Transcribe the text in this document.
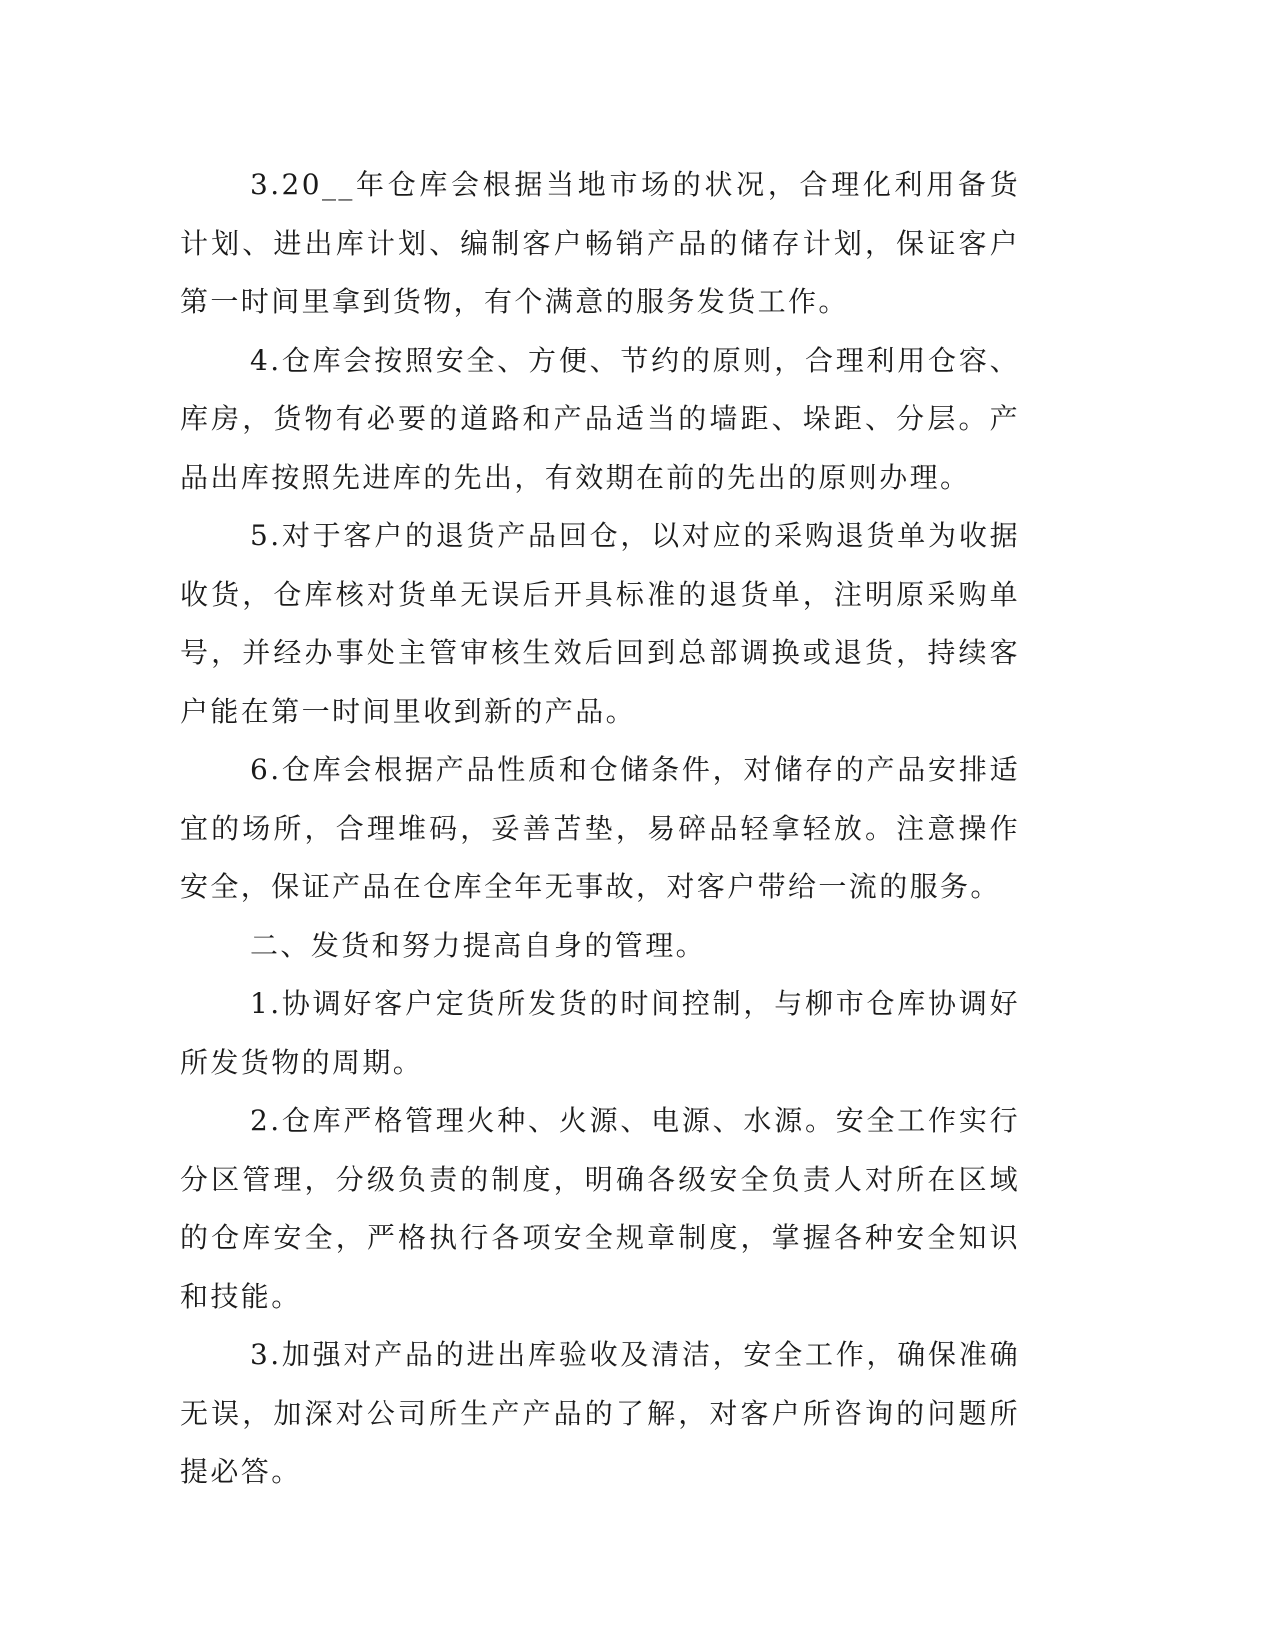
3.20__年仓库会根据当地市场的状况，合理化利用备货计划、进出库计划、编制客户畅销产品的储存计划，保证客户第一时间里拿到货物，有个满意的服务发货工作。

4.仓库会按照安全、方便、节约的原则，合理利用仓容、库房，货物有必要的道路和产品适当的墙距、垛距、分层。产品出库按照先进库的先出，有效期在前的先出的原则办理。

5.对于客户的退货产品回仓，以对应的采购退货单为收据收货，仓库核对货单无误后开具标准的退货单，注明原采购单号，并经办事处主管审核生效后回到总部调换或退货，持续客户能在第一时间里收到新的产品。

6.仓库会根据产品性质和仓储条件，对储存的产品安排适宜的场所，合理堆码，妥善苫垫，易碎品轻拿轻放。注意操作安全，保证产品在仓库全年无事故，对客户带给一流的服务。

二、发货和努力提高自身的管理。

1.协调好客户定货所发货的时间控制，与柳市仓库协调好所发货物的周期。

2.仓库严格管理火种、火源、电源、水源。安全工作实行分区管理，分级负责的制度，明确各级安全负责人对所在区域的仓库安全，严格执行各项安全规章制度，掌握各种安全知识和技能。

3.加强对产品的进出库验收及清洁，安全工作，确保准确无误，加深对公司所生产产品的了解，对客户所咨询的问题所提必答。
